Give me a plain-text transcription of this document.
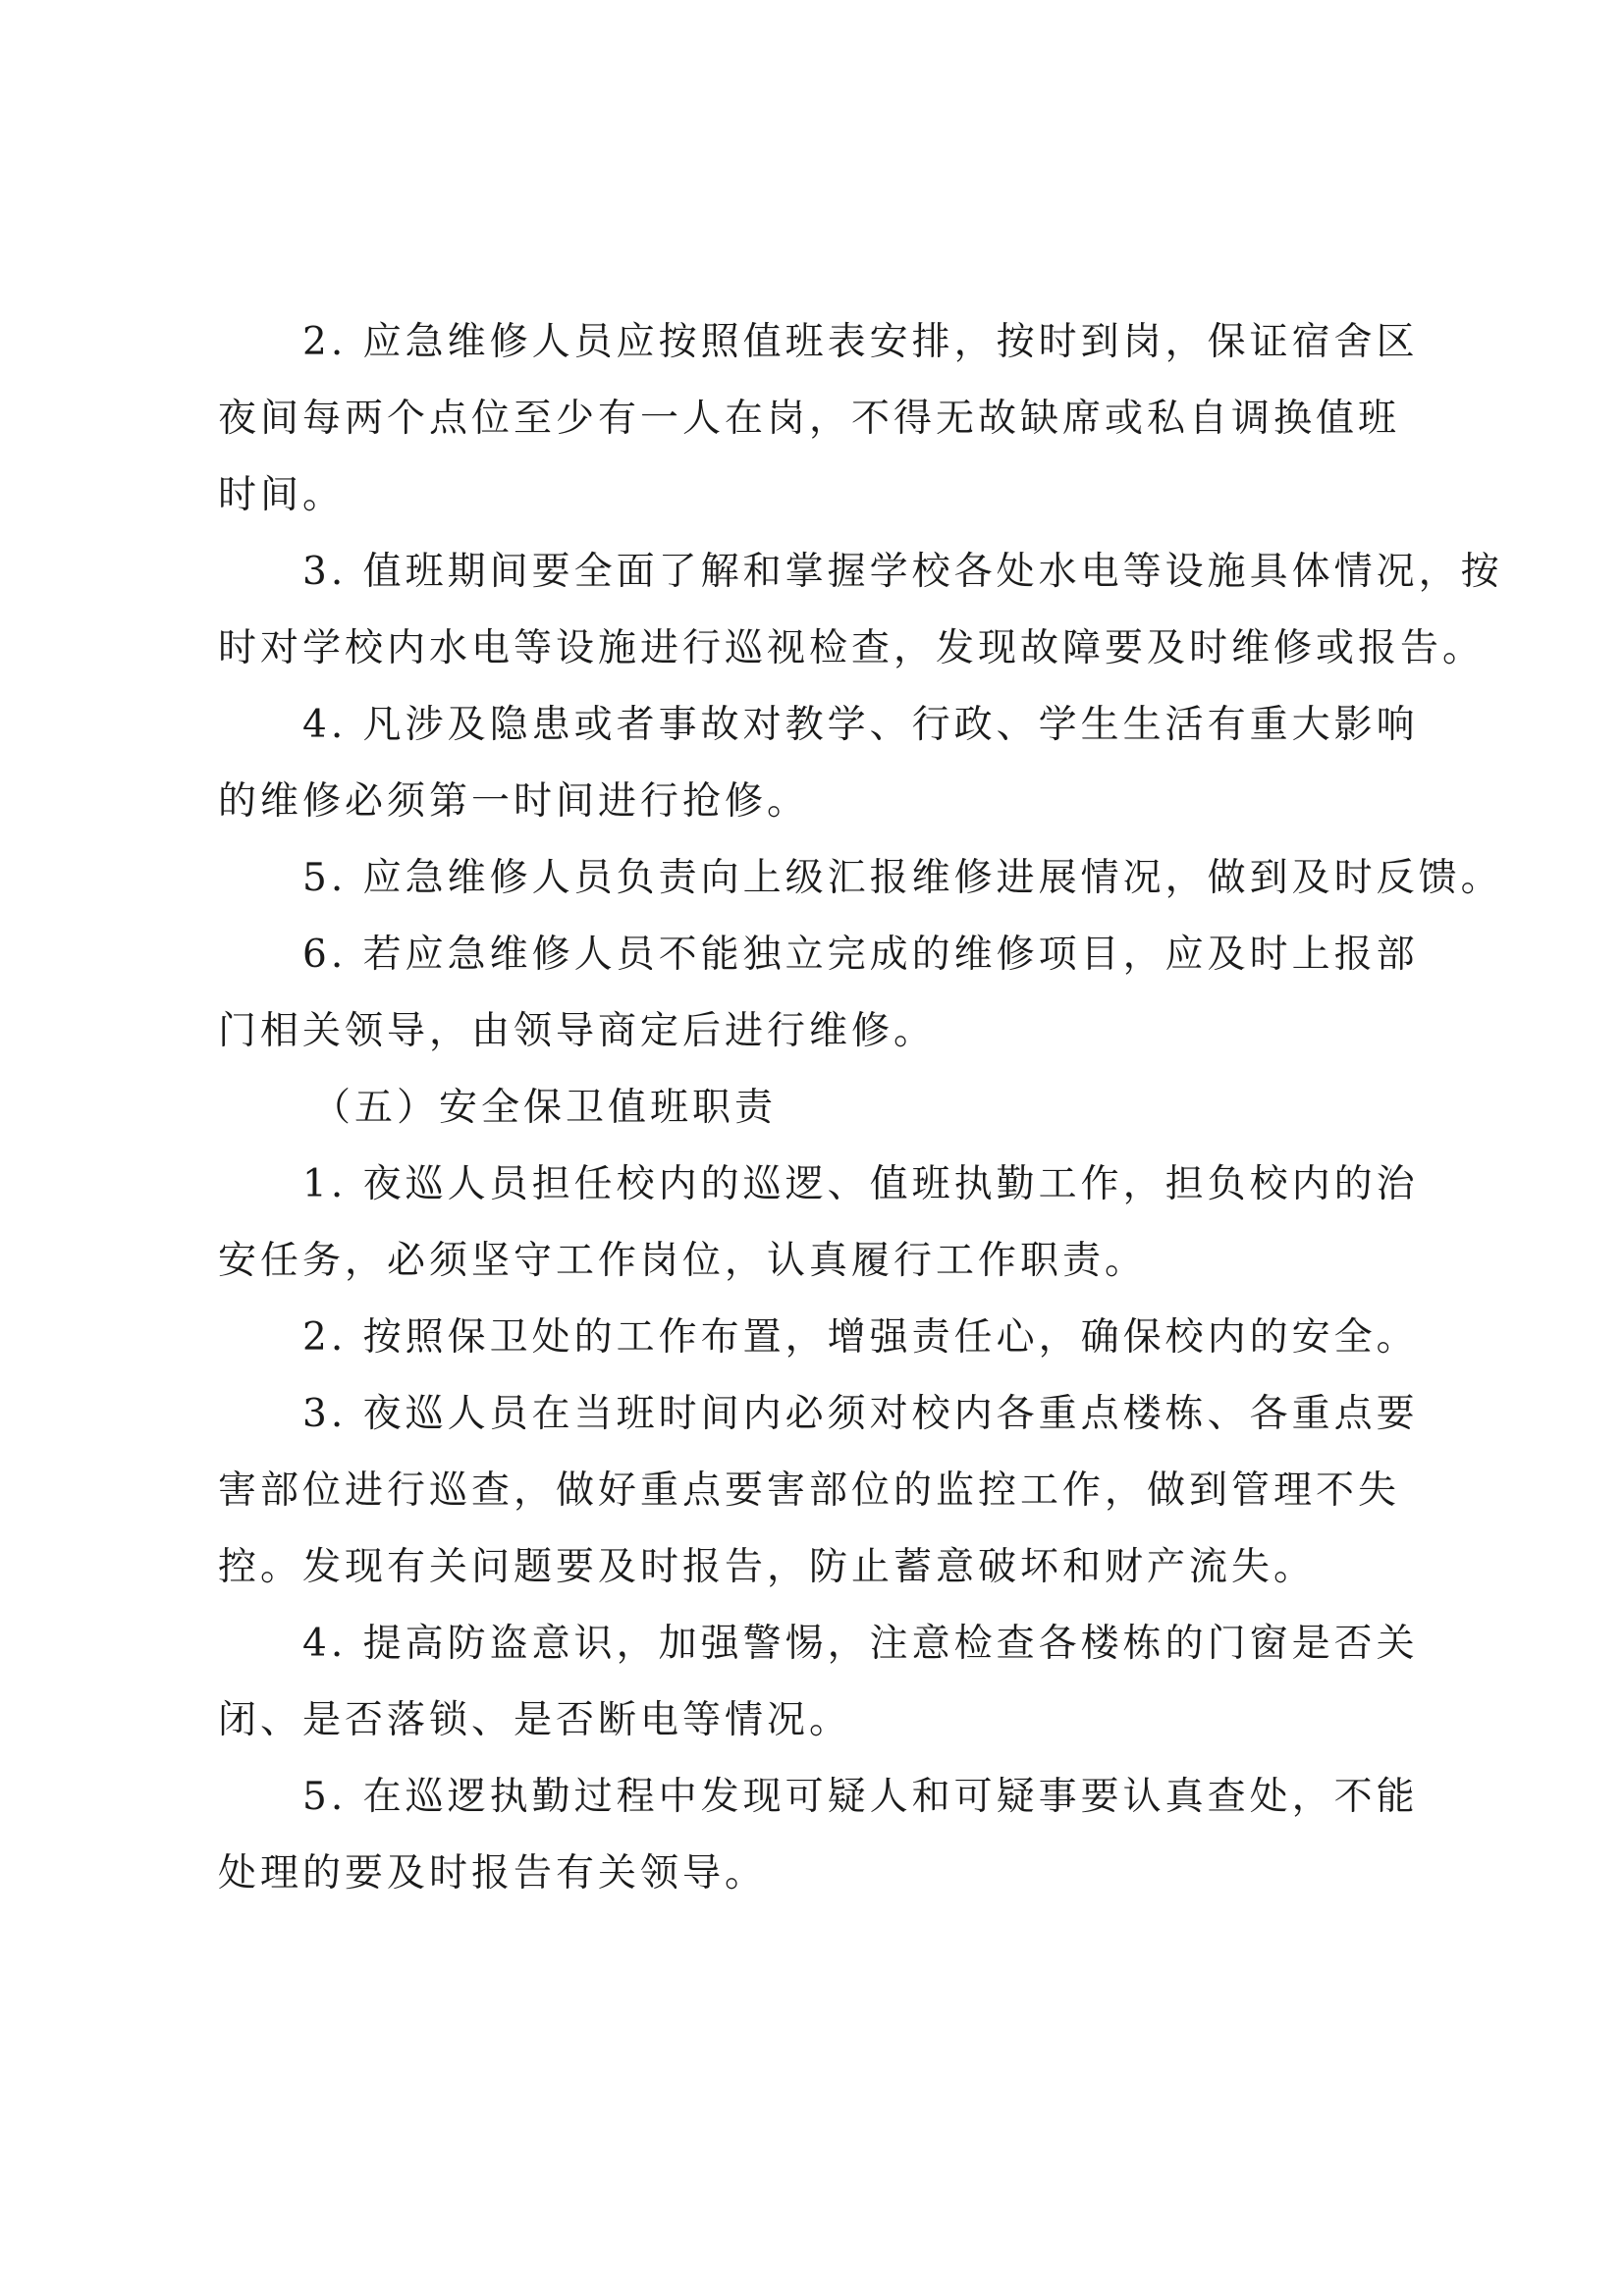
2. 应急维修人员应按照值班表安排，按时到岗，保证宿舍区
夜间每两个点位至少有一人在岗，不得无故缺席或私自调换值班
时间。
3. 值班期间要全面了解和掌握学校各处水电等设施具体情况，按
时对学校内水电等设施进行巡视检查，发现故障要及时维修或报告。
4. 凡涉及隐患或者事故对教学、行政、学生生活有重大影响
的维修必须第一时间进行抢修。
5. 应急维修人员负责向上级汇报维修进展情况，做到及时反馈。
6. 若应急维修人员不能独立完成的维修项目，应及时上报部
门相关领导，由领导商定后进行维修。
（五）安全保卫值班职责
1. 夜巡人员担任校内的巡逻、值班执勤工作，担负校内的治
安任务，必须坚守工作岗位，认真履行工作职责。
2. 按照保卫处的工作布置，增强责任心，确保校内的安全。
3. 夜巡人员在当班时间内必须对校内各重点楼栋、各重点要
害部位进行巡查，做好重点要害部位的监控工作，做到管理不失
控。发现有关问题要及时报告，防止蓄意破坏和财产流失。
4. 提高防盗意识，加强警惕，注意检查各楼栋的门窗是否关
闭、是否落锁、是否断电等情况。
5. 在巡逻执勤过程中发现可疑人和可疑事要认真查处，不能
处理的要及时报告有关领导。
